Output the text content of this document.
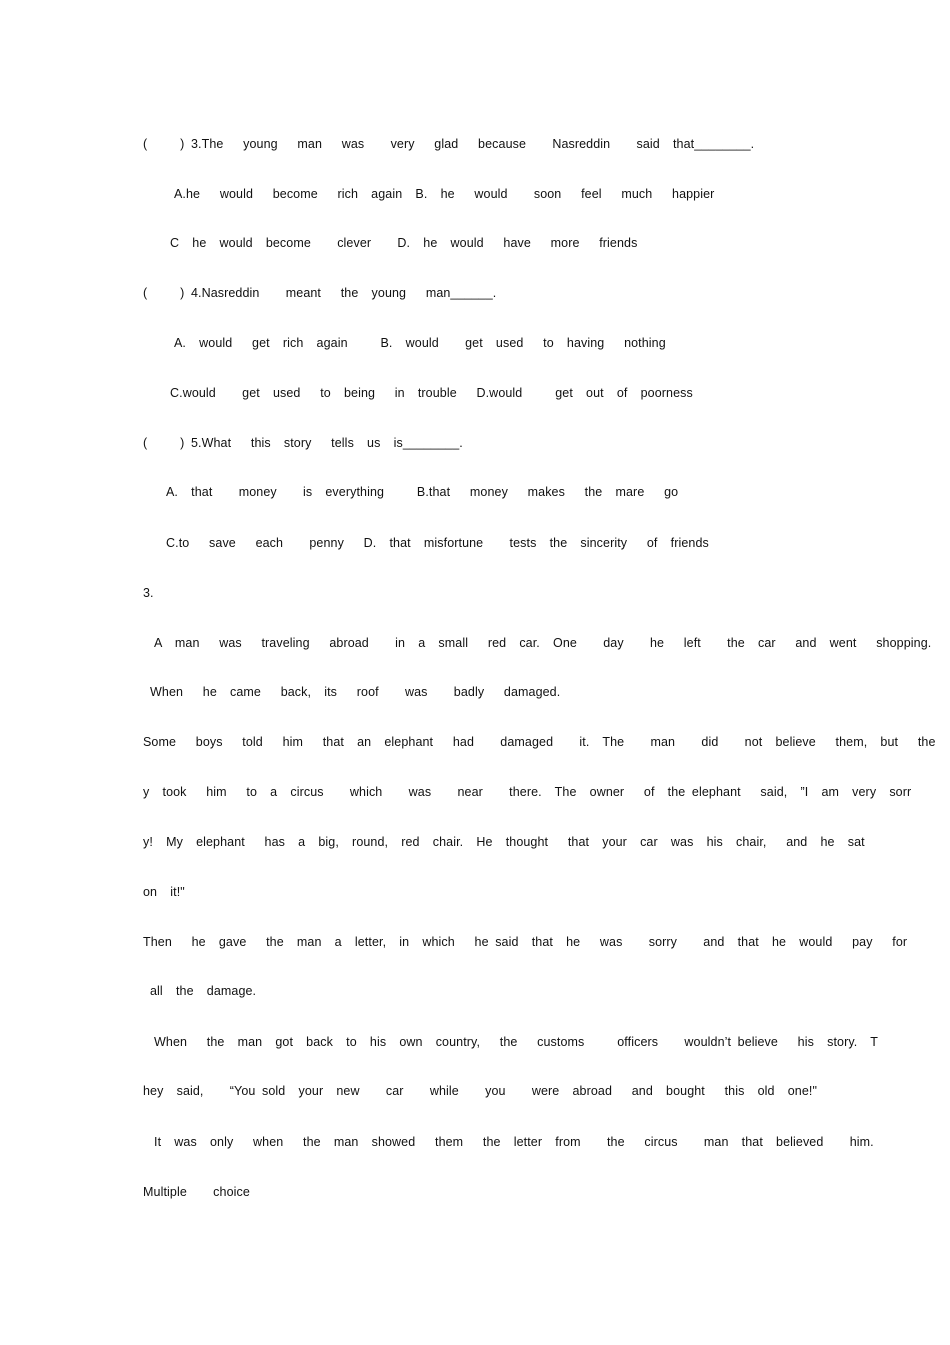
(     ) 3.The   young   man   was    very   glad   because    Nasreddin    said  that________.
A.he   would   become   rich  again  B.  he   would    soon   feel   much   happier
C  he  would  become    clever    D.  he  would   have   more   friends
(     ) 4.Nasreddin    meant   the  young   man______.
A.  would   get  rich  again     B.  would    get  used   to  having   nothing
C.would    get  used   to  being   in  trouble   D.would     get  out  of  poorness
(     ) 5.What   this  story   tells  us  is________.
A.  that    money    is  everything     B.that   money   makes   the  mare   go
C.to   save   each    penny   D.  that  misfortune    tests  the  sincerity   of  friends
3.
A  man   was   traveling   abroad    in  a  small   red  car.  One    day    he   left    the  car   and  went   shopping.
When   he  came   back,  its   roof    was    badly   damaged.
Some   boys   told   him   that  an  elephant   had    damaged    it.  The    man    did    not  believe   them,  but   the
y  took   him   to  a  circus    which    was    near    there.  The  owner   of  the elephant   said,  ”I  am  very  sorr
y!  My  elephant   has  a  big,  round,  red  chair.  He  thought   that  your  car  was  his  chair,   and  he  sat
on  it!"
Then   he  gave   the  man  a  letter,  in  which   he said  that  he   was    sorry    and  that  he  would   pay   for
all  the  damage.
When   the  man  got  back  to  his  own  country,   the   customs     officers    wouldn’t believe   his  story.  T
hey  said,    “You sold  your  new    car    while    you    were  abroad   and  bought   this  old  one!"
It  was  only   when   the  man  showed   them   the  letter  from    the   circus    man  that  believed    him.
Multiple    choice
